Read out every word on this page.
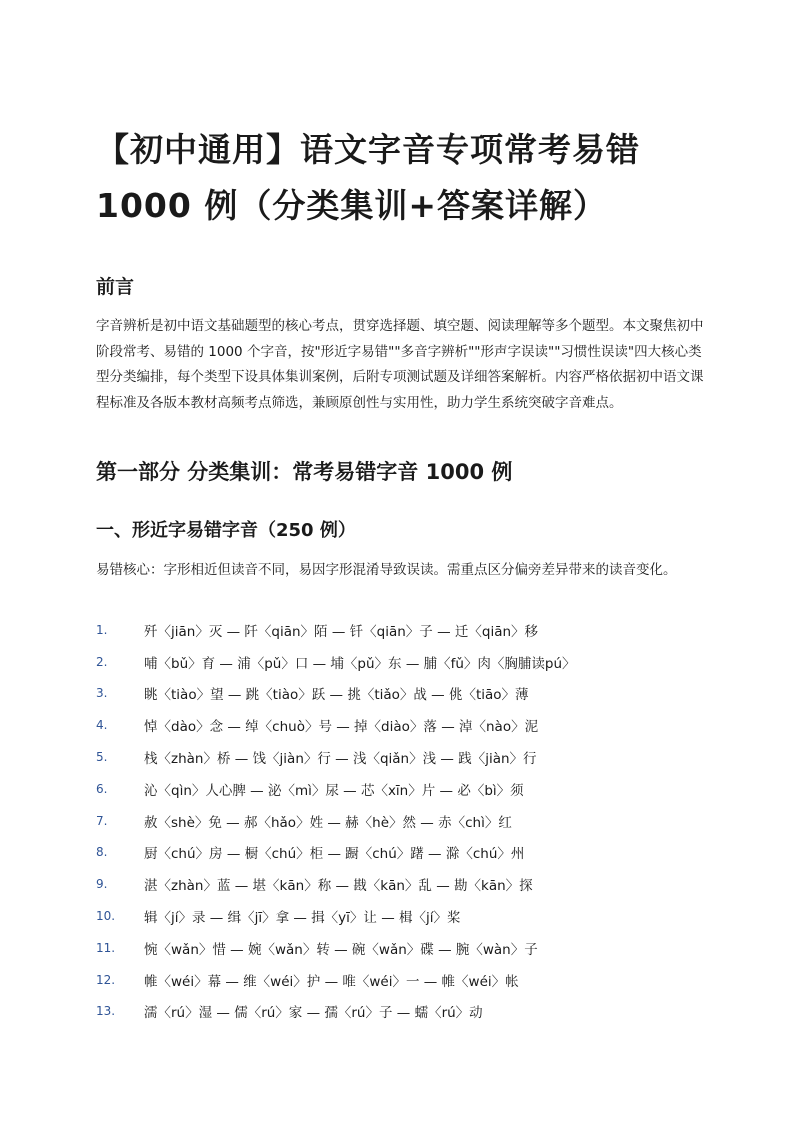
【初中通用】语文字音专项常考易错1000 例（分类集训+答案详解）
前言
字音辨析是初中语文基础题型的核心考点，贯穿选择题、填空题、阅读理解等多个题型。本文聚焦初中阶段常考、易错的 1000 个字音，按"形近字易错""多音字辨析""形声字误读""习惯性误读"四大核心类型分类编排，每个类型下设具体集训案例，后附专项测试题及详细答案解析。内容严格依据初中语文课程标准及各版本教材高频考点筛选，兼顾原创性与实用性，助力学生系统突破字音难点。
第一部分 分类集训：常考易错字音 1000 例
一、形近字易错字音（250 例）
易错核心：字形相近但读音不同，易因字形混淆导致误读。需重点区分偏旁差异带来的读音变化。
1.	歼〈jiān〉灭 — 阡〈qiān〉陌 — 钎〈qiān〉子 — 迁〈qiān〉移
2.	哺〈bǔ〉育 — 浦〈pǔ〉口 — 埔〈pǔ〉东 — 脯〈fǔ〉肉〈胸脯读pú〉
3.	眺〈tiào〉望 — 跳〈tiào〉跃 — 挑〈tiǎo〉战 — 佻〈tiāo〉薄
4.	悼〈dào〉念 — 绰〈chuò〉号 — 掉〈diào〉落 — 淖〈nào〉泥
5.	栈〈zhàn〉桥 — 饯〈jiàn〉行 — 浅〈qiǎn〉浅 — 践〈jiàn〉行
6.	沁〈qìn〉人心脾 — 泌〈mì〉尿 — 芯〈xīn〉片 — 必〈bì〉须
7.	赦〈shè〉免 — 郝〈hǎo〉姓 — 赫〈hè〉然 — 赤〈chì〉红
8.	厨〈chú〉房 — 橱〈chú〉柜 — 蹰〈chú〉躇 — 滁〈chú〉州
9.	湛〈zhàn〉蓝 — 堪〈kān〉称 — 戡〈kān〉乱 — 勘〈kān〉探
10.	辑〈jí〉录 — 缉〈jī〉拿 — 揖〈yī〉让 — 楫〈jí〉桨
11.	惋〈wǎn〉惜 — 婉〈wǎn〉转 — 碗〈wǎn〉碟 — 腕〈wàn〉子
12.	帷〈wéi〉幕 — 维〈wéi〉护 — 唯〈wéi〉一 — 帷〈wéi〉帐
13.	濡〈rú〉湿 — 儒〈rú〉家 — 孺〈rú〉子 — 蠕〈rú〉动
